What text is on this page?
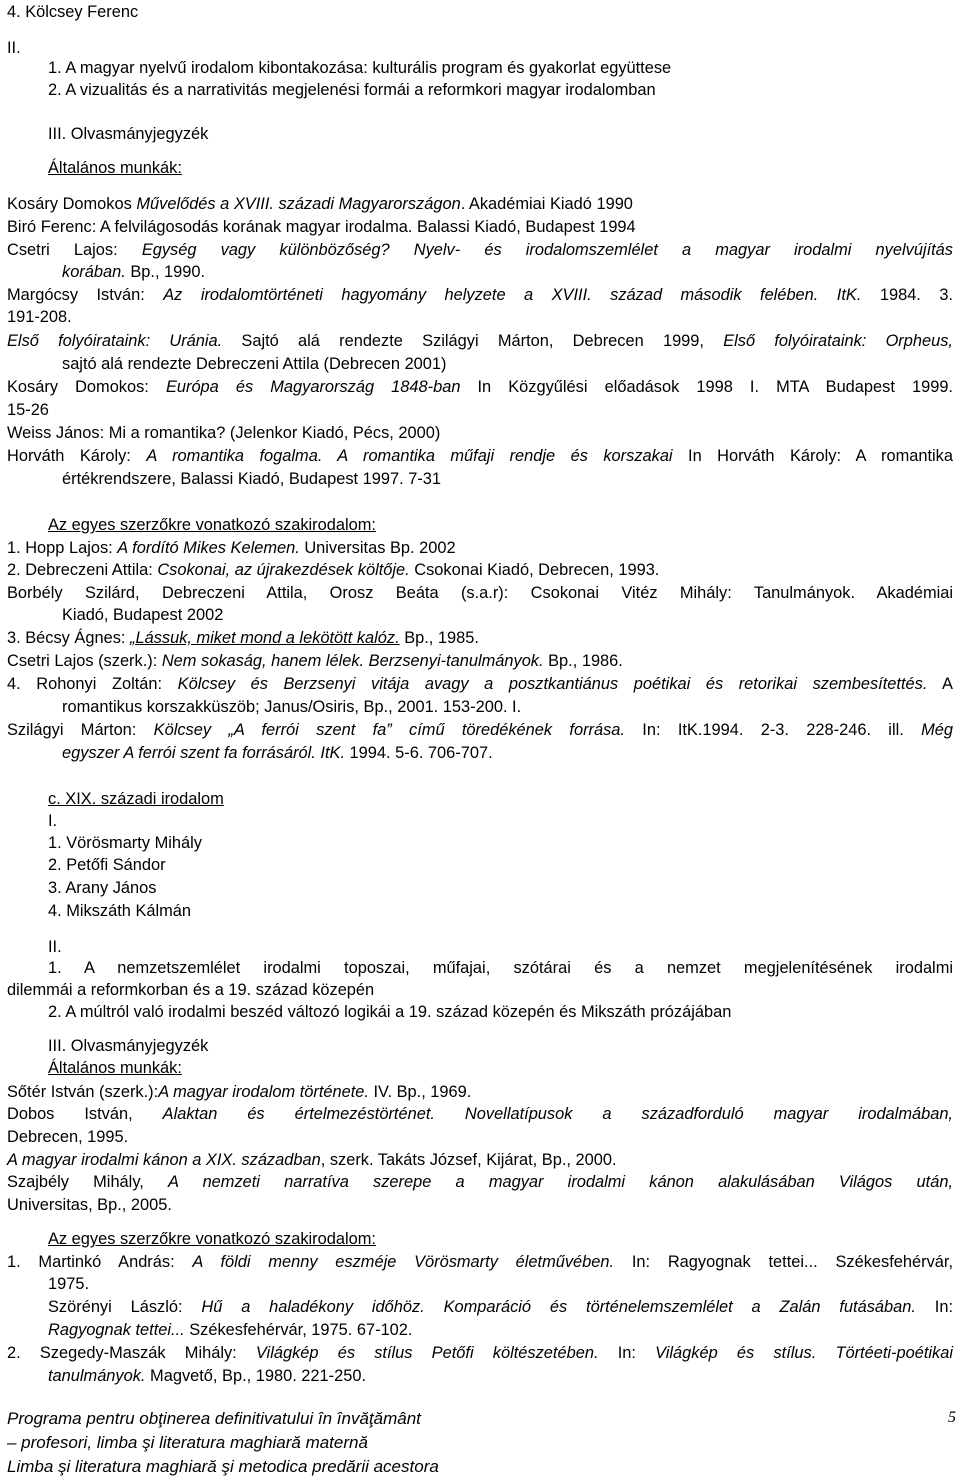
4. Kölcsey Ferenc
II.
1. A magyar nyelvű irodalom kibontakozása: kulturális program és gyakorlat együttese
2. A vizualitás és a narrativitás megjelenési formái a reformkori magyar irodalomban
III. Olvasmányjegyzék
Általános munkák:
Kosáry Domokos Művelődés a XVIII. századi Magyarországon. Akadémiai Kiadó 1990
Biró Ferenc: A felvilágosodás korának magyar irodalma. Balassi Kiadó, Budapest 1994
Csetri Lajos: Egység vagy különbözőség? Nyelv- és irodalomszemlélet a magyar irodalmi nyelvújítás
korában. Bp., 1990.
Margócsy István: Az irodalomtörténeti hagyomány helyzete a XVIII. század második felében. ItK. 1984. 3.
191-208.
Első folyóirataink: Uránia. Sajtó alá rendezte Szilágyi Márton, Debrecen 1999, Első folyóirataink: Orpheus,
sajtó alá rendezte Debreczeni Attila (Debrecen 2001)
Kosáry Domokos: Európa és Magyarország 1848-ban In Közgyűlési előadások 1998 I. MTA Budapest 1999.
15-26
Weiss János: Mi a romantika? (Jelenkor Kiadó, Pécs, 2000)
Horváth Károly: A romantika fogalma. A romantika műfaji rendje és korszakai In Horváth Károly: A romantika
értékrendszere, Balassi Kiadó, Budapest 1997. 7-31
Az egyes szerzőkre vonatkozó szakirodalom:
1. Hopp Lajos: A fordító Mikes Kelemen. Universitas Bp. 2002
2. Debreczeni Attila: Csokonai, az újrakezdések költője. Csokonai Kiadó, Debrecen, 1993.
Borbély Szilárd, Debreczeni Attila, Orosz Beáta (s.a.r): Csokonai Vitéz Mihály: Tanulmányok. Akadémiai
Kiadó, Budapest 2002
3. Bécsy Ágnes: „Lássuk, miket mond a lekötött kalóz. Bp., 1985.
Csetri Lajos (szerk.): Nem sokaság, hanem lélek. Berzsenyi-tanulmányok. Bp., 1986.
4. Rohonyi Zoltán: Kölcsey és Berzsenyi vitája avagy a posztkantiánus poétikai és retorikai szembesítettés. A
romantikus korszakküszöb; Janus/Osiris, Bp., 2001. 153-200. I.
Szilágyi Márton: Kölcsey „A ferrói szent fa” című töredékének forrása. In: ItK.1994. 2-3. 228-246. ill. Még
egyszer A ferrói szent fa forrásáról. ItK. 1994. 5-6. 706-707.
c. XIX. századi irodalom
I.
1. Vörösmarty Mihály
2. Petőfi Sándor
3. Arany János
4. Mikszáth Kálmán
II.
1. A nemzetszemlélet irodalmi toposzai, műfajai, szótárai és a nemzet megjelenítésének irodalmi
dilemmái a reformkorban és a 19. század közepén
2. A múltról való irodalmi beszéd változó logikái a 19. század közepén és Mikszáth prózájában
III. Olvasmányjegyzék
Általános munkák:
Sőtér István (szerk.):A magyar irodalom története. IV. Bp., 1969.
Dobos István, Alaktan és értelmezéstörténet. Novellatípusok a századforduló magyar irodalmában,
Debrecen, 1995.
A magyar irodalmi kánon a XIX. században, szerk. Takáts József, Kijárat, Bp., 2000.
Szajbély Mihály, A nemzeti narratíva szerepe a magyar irodalmi kánon alakulásában Világos után,
Universitas, Bp., 2005.
Az egyes szerzőkre vonatkozó szakirodalom:
1. Martinkó András: A földi menny eszméje Vörösmarty életművében. In: Ragyognak tettei... Székesfehérvár,
1975.
Szörényi László: Hű a haladékony időhöz. Komparáció és történelemszemlélet a Zalán futásában. In:
Ragyognak tettei... Székesfehérvár, 1975. 67-102.
2. Szegedy-Maszák Mihály: Világkép és stílus Petőfi költészetében. In: Világkép és stílus. Törtéeti-poétikai
tanulmányok. Magvető, Bp., 1980. 221-250.
Programa pentru obţinerea definitivatului în învăţământ
– profesori, limba şi literatura maghiară maternă
Limba şi literatura maghiară şi metodica predării acestora
5
